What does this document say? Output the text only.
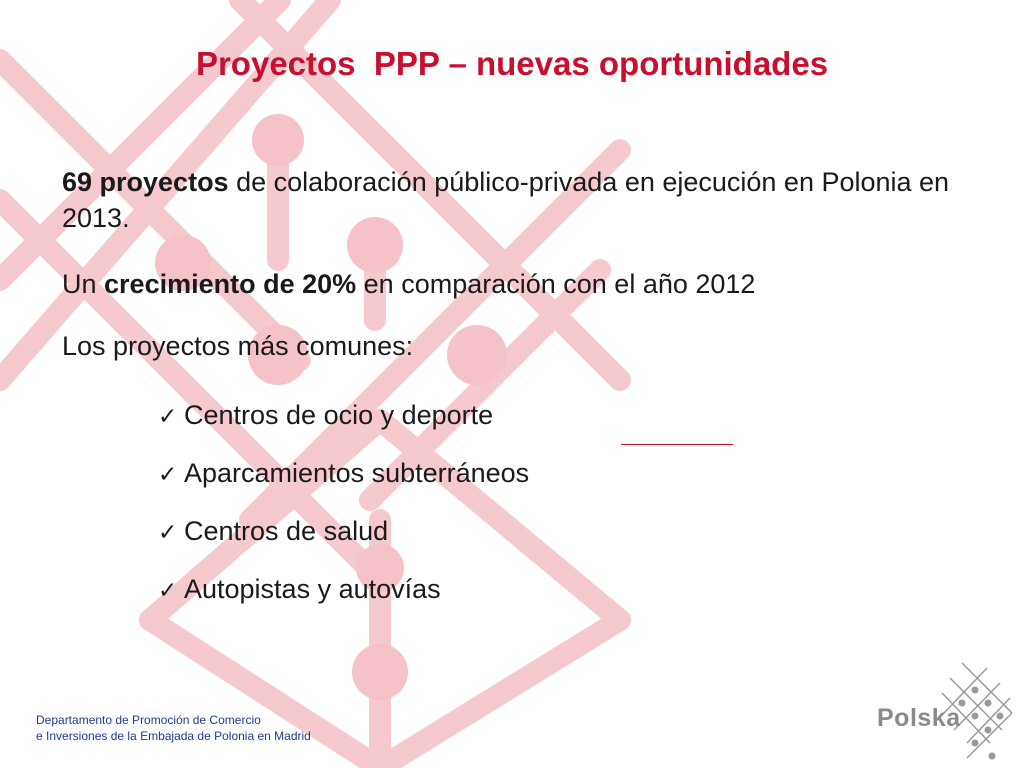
Proyectos  PPP – nuevas oportunidades
69 proyectos de colaboración público-privada en ejecución en Polonia en 2013.
Un crecimiento de 20% en comparación con el año 2012
Los proyectos más comunes:
✓ Centros de ocio y deporte
✓ Aparcamientos subterráneos
✓ Centros de salud
✓ Autopistas y autovías
Departamento de Promoción de Comercio
e Inversiones de la Embajada de Polonia en Madrid
Polska
